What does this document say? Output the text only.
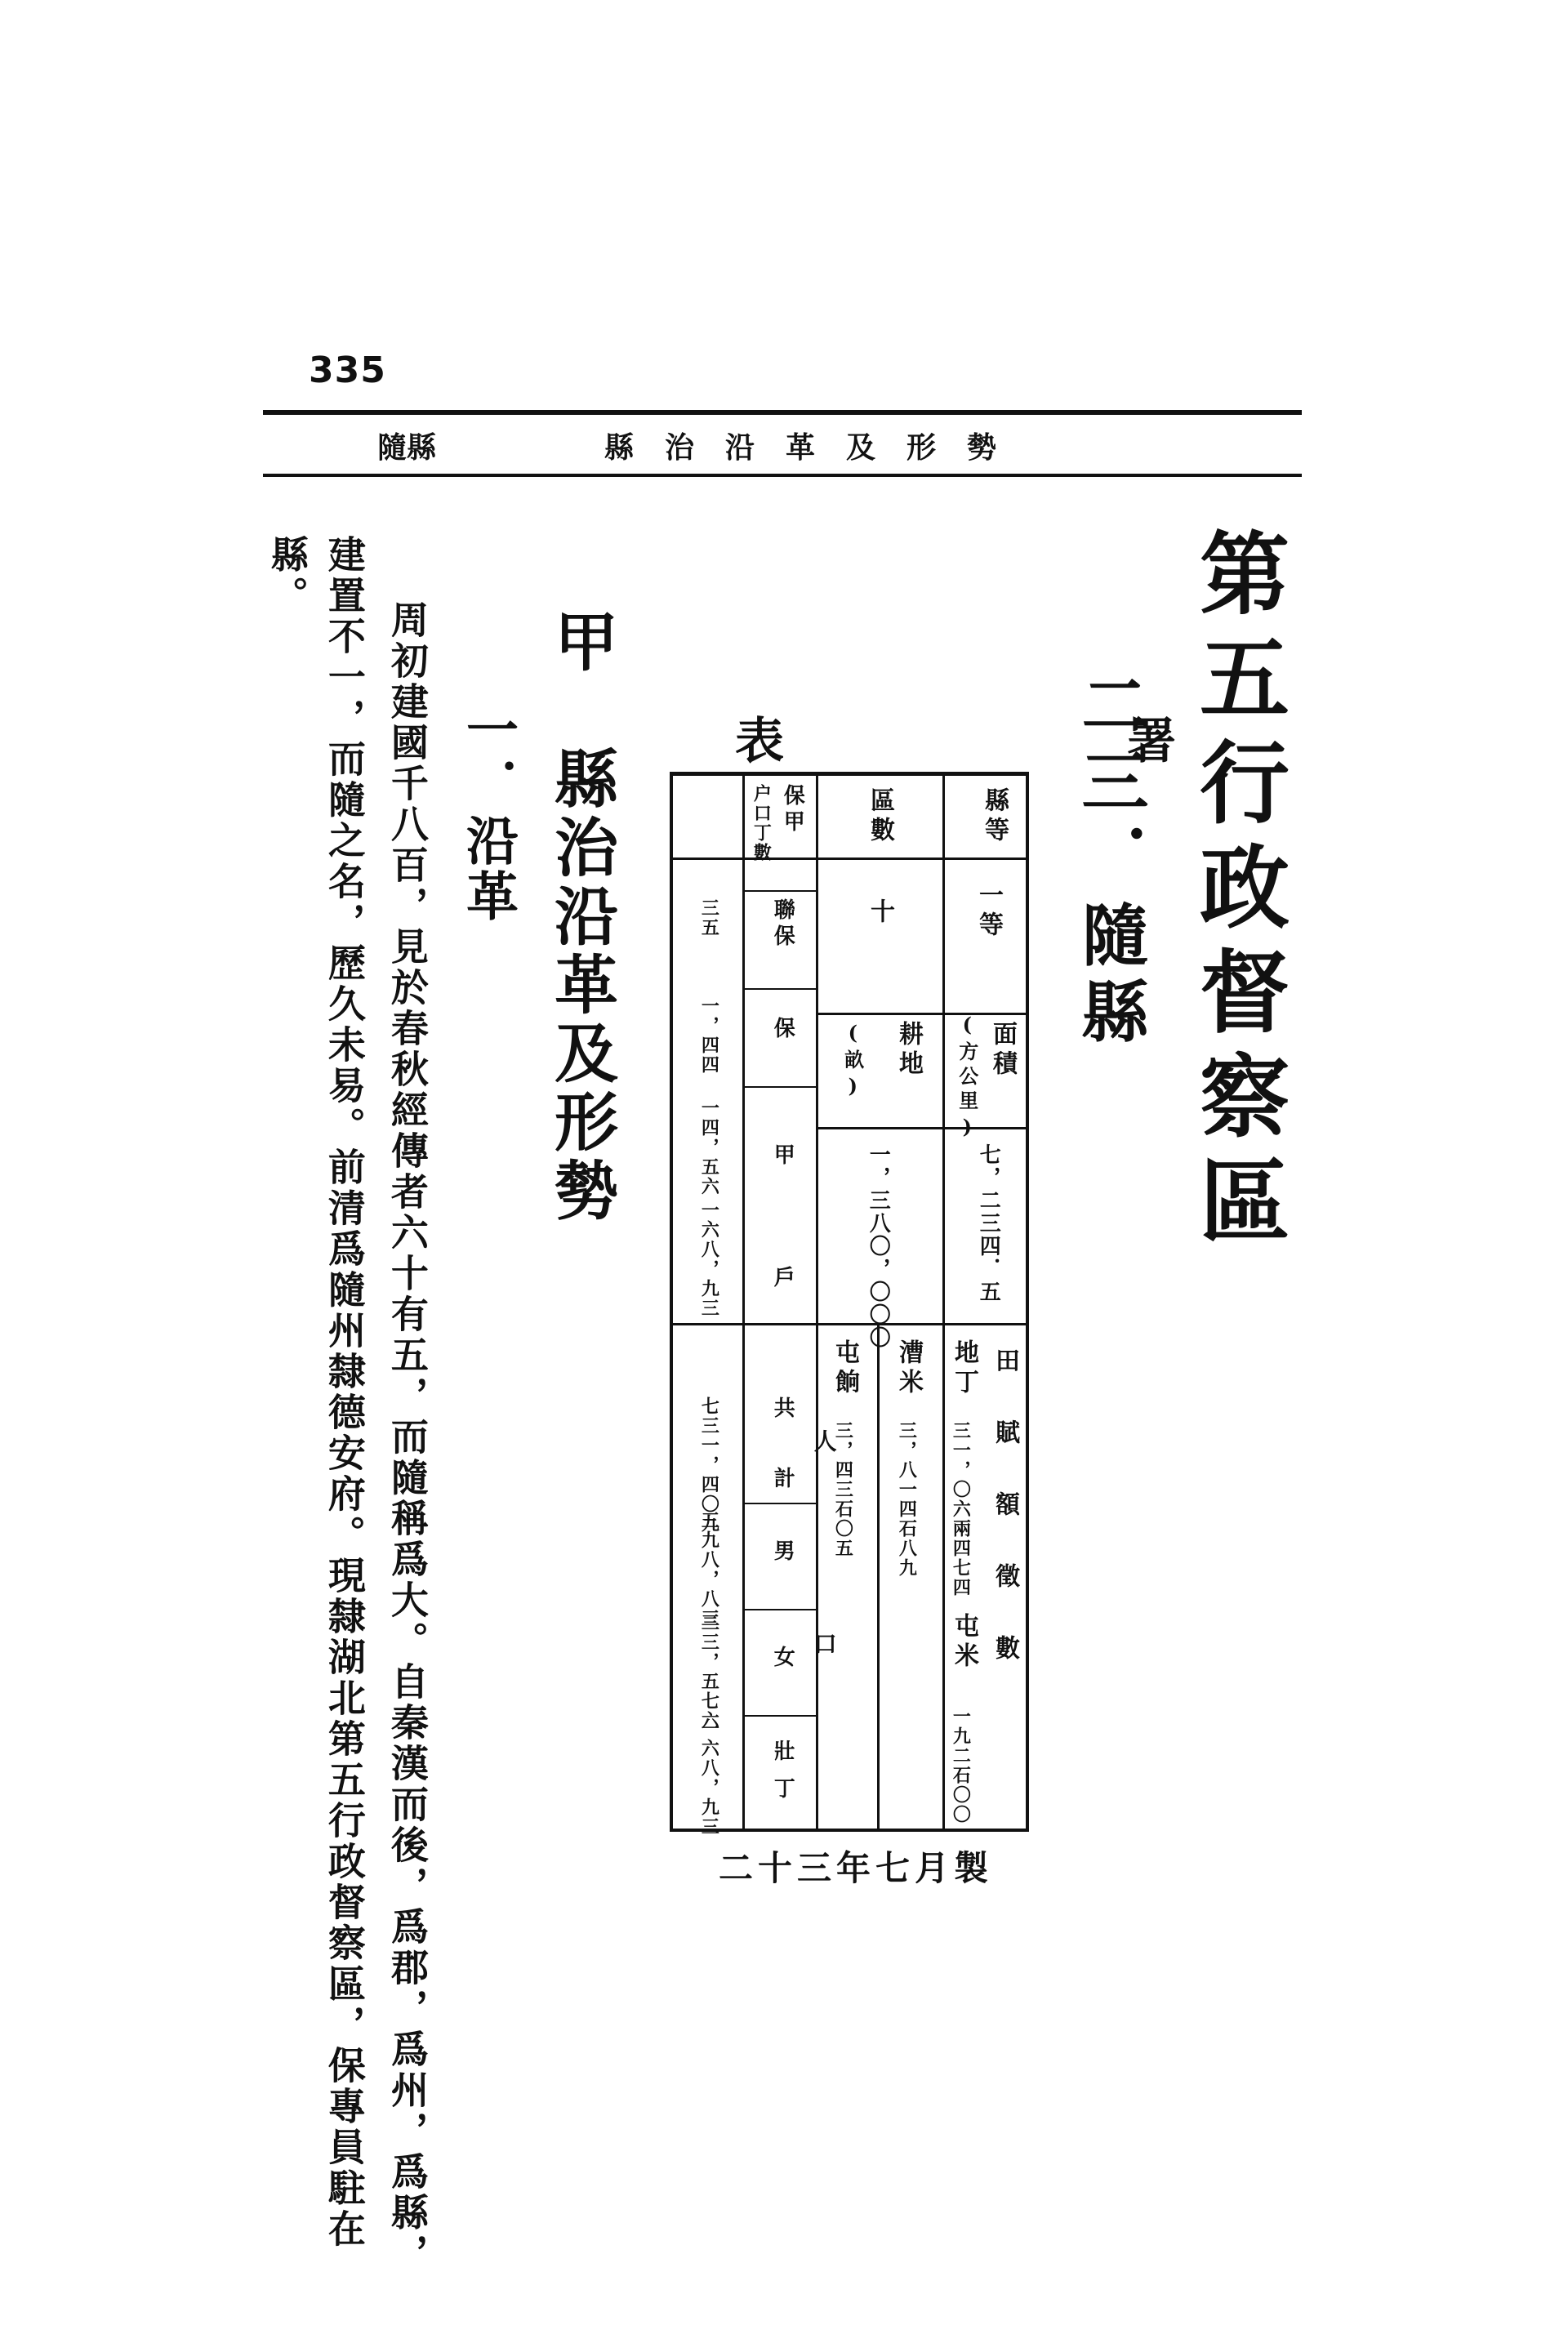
335
縣治沿革及形勢
隨縣
第五行政督察區
二三．隨縣
甲　縣治沿革及形勢
一．沿革
周初建國千八百，見於春秋經傳者六十有五，而隨稱爲大。自秦漢而後，爲郡，爲州，爲縣，
建置不一，而隨之名，歷久未易。前清爲隨州隸德安府。現隸湖北第五行政督察區，保專員駐在
縣。
表　署
縣等
一等
面積
(方公里)
七，二三四．五
田賦額徵數
地丁
三一，〇六兩四七四
屯米
一九二石〇〇
區數
十
耕地
(畝)
一，三八〇，〇〇〇
漕米
三，八一四石八九
屯餉
三，四三石〇五
保甲
户口丁數
聯保
保
甲
戶
人口
共計
男
女
壯丁
三五
一，四四
一四，五六
一六八，九三
七三一，四〇九
三九八，八三
三三，五七六
一六八，九三
二十三年七月製
